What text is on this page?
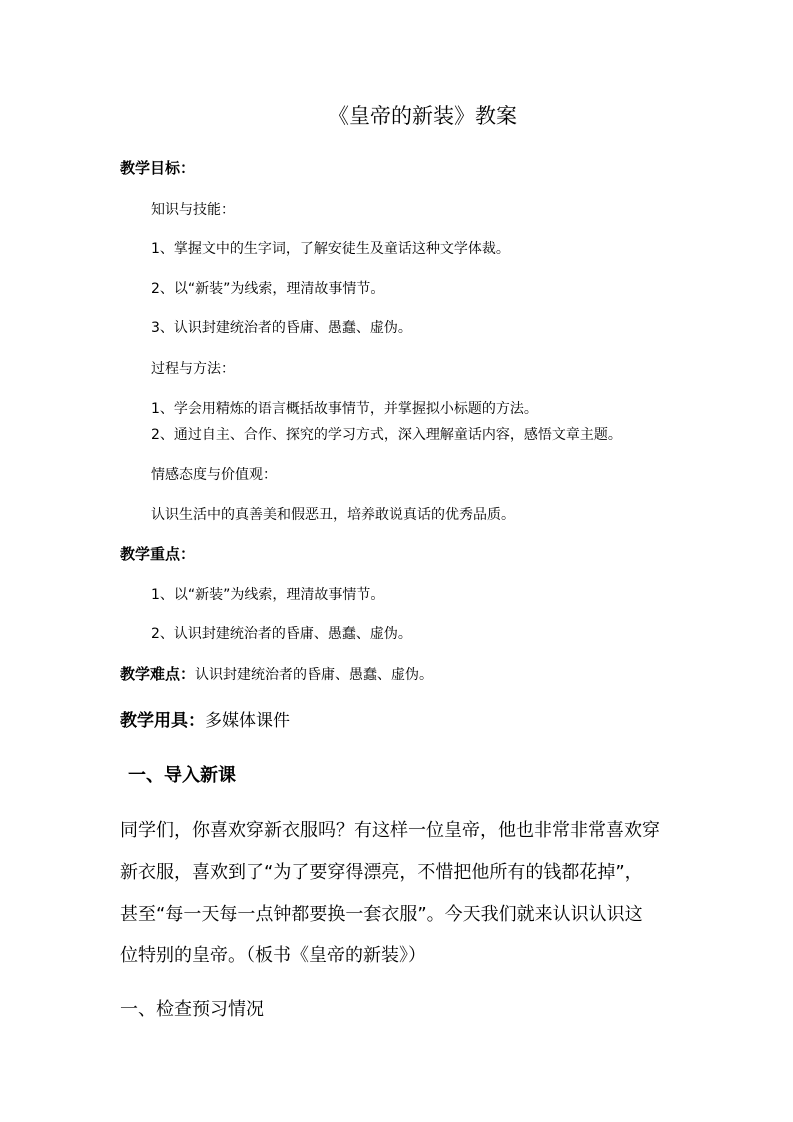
《皇帝的新装》教案
教学目标：
知识与技能：
1、掌握文中的生字词，了解安徒生及童话这种文学体裁。
2、以“新装”为线索，理清故事情节。
3、认识封建统治者的昏庸、愚蠢、虚伪。
过程与方法：
1、学会用精炼的语言概括故事情节，并掌握拟小标题的方法。
2、通过自主、合作、探究的学习方式，深入理解童话内容，感悟文章主题。
情感态度与价值观：
认识生活中的真善美和假恶丑，培养敢说真话的优秀品质。
教学重点：
1、以“新装”为线索，理清故事情节。
2、认识封建统治者的昏庸、愚蠢、虚伪。
教学难点：认识封建统治者的昏庸、愚蠢、虚伪。
教学用具：多媒体课件
一、导入新课
同学们，你喜欢穿新衣服吗？有这样一位皇帝，他也非常非常喜欢穿
新衣服，喜欢到了“为了要穿得漂亮，不惜把他所有的钱都花掉”，
甚至“每一天每一点钟都要换一套衣服”。今天我们就来认识认识这
位特别的皇帝。（板书《皇帝的新装》）
一、检查预习情况
